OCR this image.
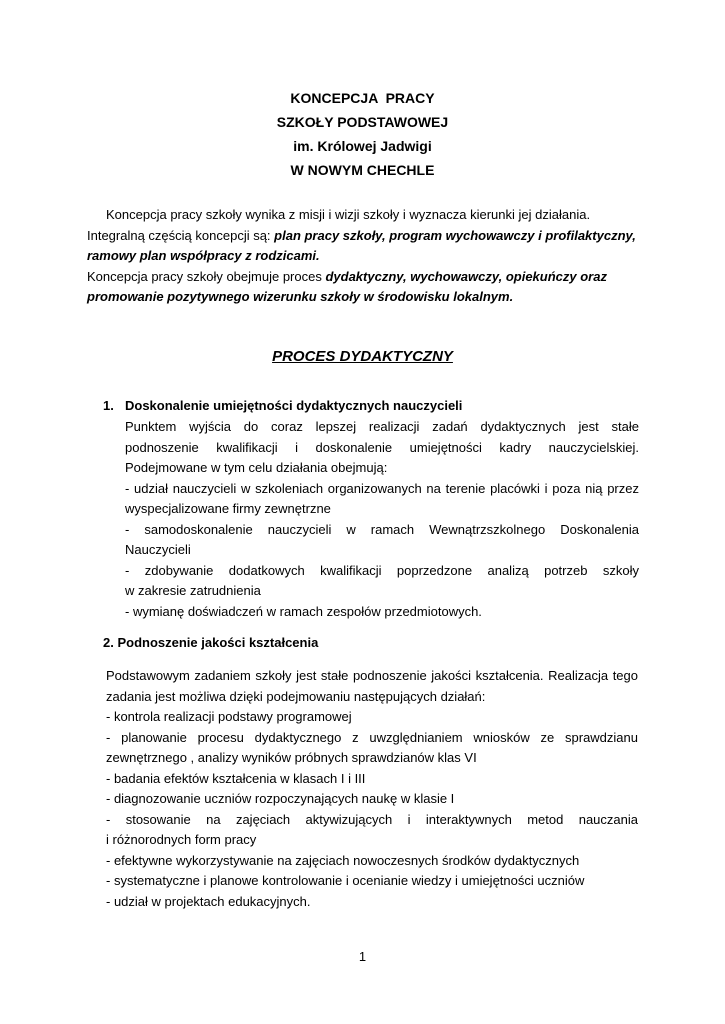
KONCEPCJA  PRACY
SZKOŁY PODSTAWOWEJ
im. Królowej Jadwigi
W NOWYM CHECHLE

Koncepcja pracy szkoły wynika z misji i wizji szkoły i wyznacza kierunki jej działania.

Integralną częścią koncepcji są: plan pracy szkoły, program wychowawczy i profilaktyczny, ramowy plan współpracy z rodzicami.

Koncepcja pracy szkoły obejmuje proces dydaktyczny, wychowawczy, opiekuńczy oraz promowanie pozytywnego wizerunku szkoły w środowisku lokalnym.

PROCES DYDAKTYCZNY
1. Doskonalenie umiejętności dydaktycznych nauczycieli
Punktem wyjścia do coraz lepszej realizacji zadań dydaktycznych jest stałe
podnoszenie kwalifikacji i doskonalenie umiejętności kadry nauczycielskiej.
Podejmowane w tym celu działania obejmują:
- udział nauczycieli w szkoleniach organizowanych na terenie placówki i poza nią przez
wyspecjalizowane firmy zewnętrzne
- samodoskonalenie nauczycieli w ramach Wewnątrzszkolnego Doskonalenia
Nauczycieli
- zdobywanie dodatkowych kwalifikacji poprzedzone analizą potrzeb szkoły
w zakresie zatrudnienia
- wymianę doświadczeń w ramach zespołów przedmiotowych.
2. Podnoszenie jakości kształcenia
Podstawowym zadaniem szkoły jest stałe podnoszenie jakości kształcenia. Realizacja tego
zadania jest możliwa dzięki podejmowaniu następujących działań:
- kontrola realizacji podstawy programowej
- planowanie procesu dydaktycznego z uwzględnianiem wniosków ze sprawdzianu
zewnętrznego , analizy wyników próbnych sprawdzianów klas VI
- badania efektów kształcenia w klasach I i III
- diagnozowanie uczniów rozpoczynających naukę w klasie I
- stosowanie na zajęciach aktywizujących i interaktywnych metod nauczania
i różnorodnych form pracy
- efektywne wykorzystywanie na zajęciach nowoczesnych środków dydaktycznych
- systematyczne i planowe kontrolowanie i ocenianie wiedzy i umiejętności uczniów
- udział w projektach edukacyjnych.
1
